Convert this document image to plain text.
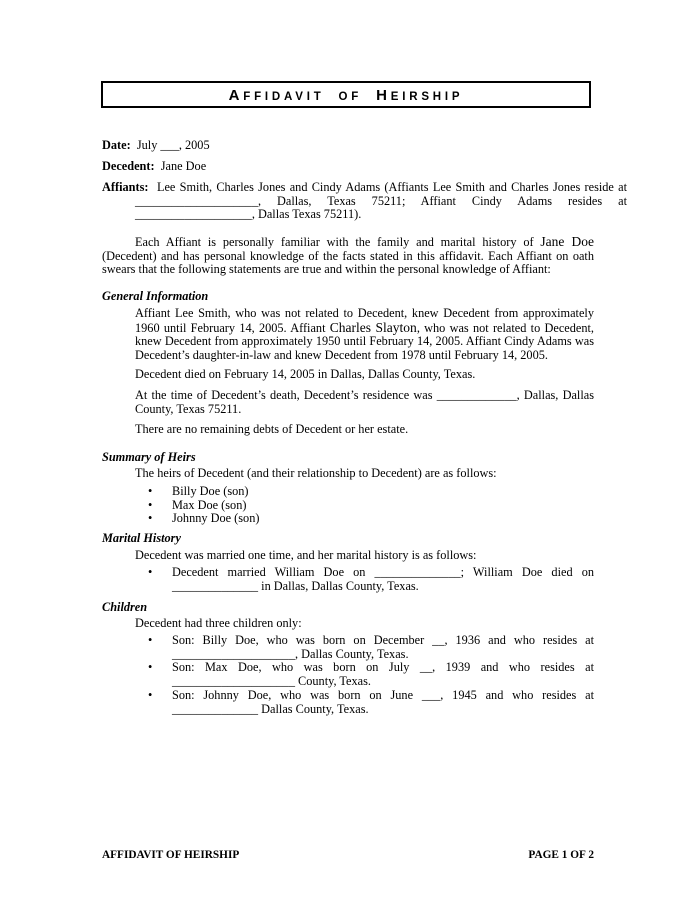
AFFIDAVIT OF HEIRSHIP
Date: July ___, 2005
Decedent: Jane Doe
Affiants: Lee Smith, Charles Jones and Cindy Adams (Affiants Lee Smith and Charles Jones reside at ____________________, Dallas, Texas 75211; Affiant Cindy Adams resides at ___________________, Dallas Texas 75211).
Each Affiant is personally familiar with the family and marital history of Jane Doe (Decedent) and has personal knowledge of the facts stated in this affidavit. Each Affiant on oath swears that the following statements are true and within the personal knowledge of Affiant:
General Information
Affiant Lee Smith, who was not related to Decedent, knew Decedent from approximately 1960 until February 14, 2005. Affiant Charles Slayton, who was not related to Decedent, knew Decedent from approximately 1950 until February 14, 2005. Affiant Cindy Adams was Decedent’s daughter-in-law and knew Decedent from 1978 until February 14, 2005.
Decedent died on February 14, 2005 in Dallas, Dallas County, Texas.
At the time of Decedent’s death, Decedent’s residence was _____________, Dallas, Dallas County, Texas 75211.
There are no remaining debts of Decedent or her estate.
Summary of Heirs
The heirs of Decedent (and their relationship to Decedent) are as follows:
•	Billy Doe (son)
•	Max Doe (son)
•	Johnny Doe (son)
Marital History
Decedent was married one time, and her marital history is as follows:
•	Decedent married William Doe on ______________; William Doe died on ______________ in Dallas, Dallas County, Texas.
Children
Decedent had three children only:
•	Son: Billy Doe, who was born on December __, 1936 and who resides at ____________________, Dallas County, Texas.
•	Son: Max Doe, who was born on July __, 1939 and who resides at ____________________ County, Texas.
•	Son: Johnny Doe, who was born on June ___, 1945 and who resides at ______________ Dallas County, Texas.
AFFIDAVIT OF HEIRSHIP	PAGE 1 OF 2
